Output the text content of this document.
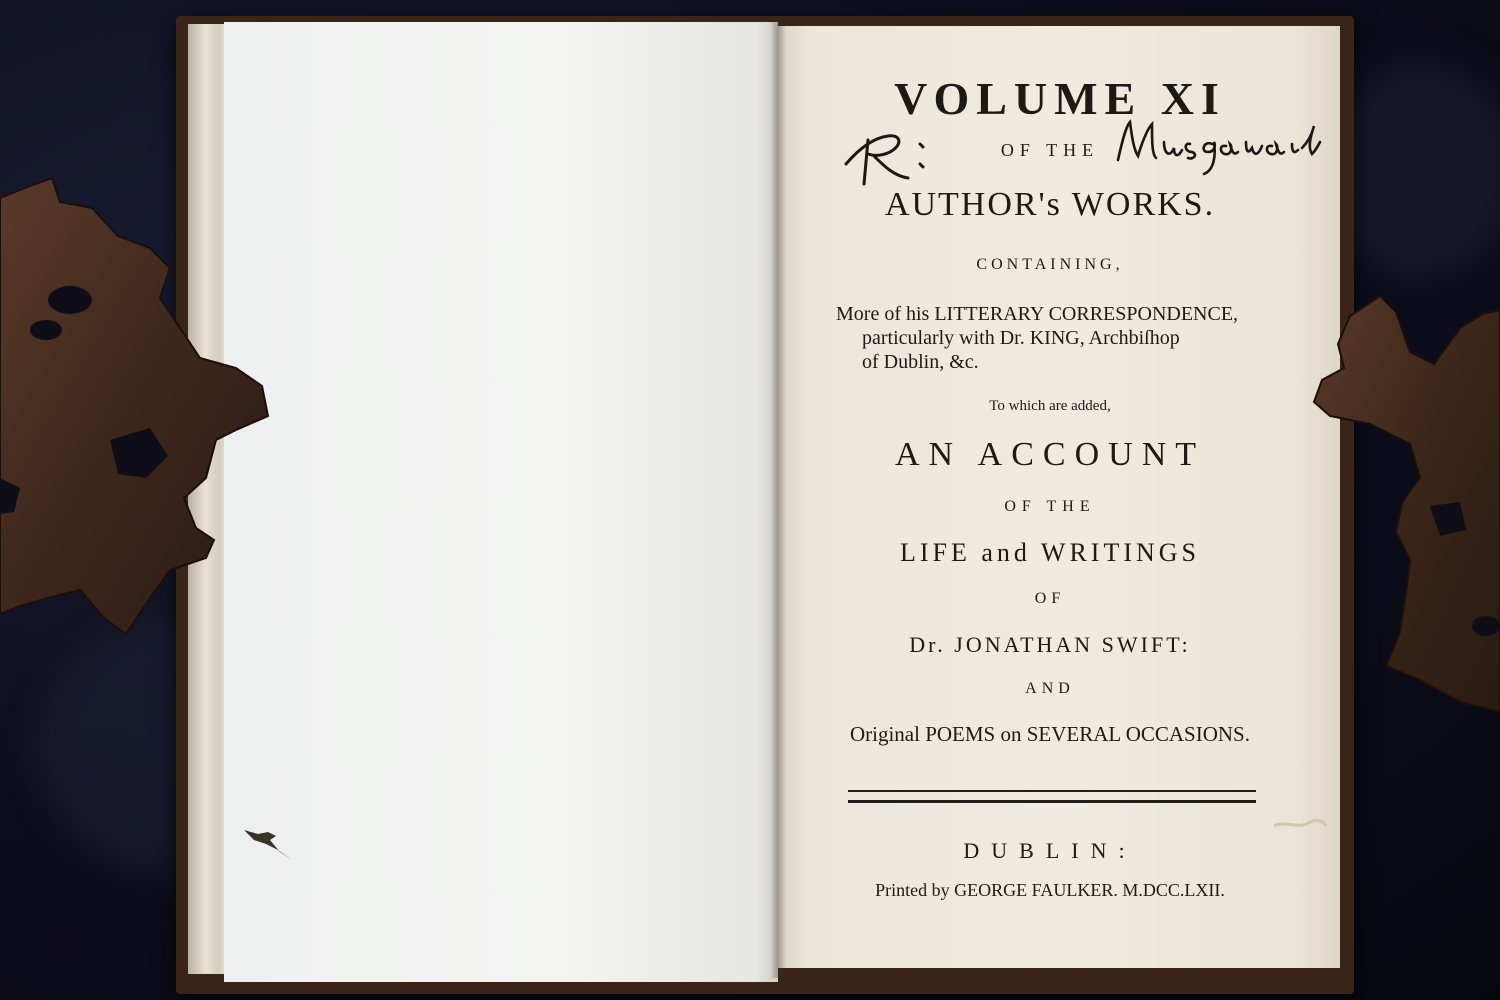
VOLUME XI

OF THE

AUTHOR's WORKS.

CONTAINING,

More of his LITTERARY CORRESPONDENCE,
particularly with Dr. KING, Archbiſhop
of Dublin, &c.

To which are added,

AN ACCOUNT

OF THE

LIFE and WRITINGS

OF

Dr. JONATHAN SWIFT:

AND

Original POEMS on SEVERAL OCCASIONS.

DUBLIN:

Printed by GEORGE FAULKER. M.DCC.LXII.
